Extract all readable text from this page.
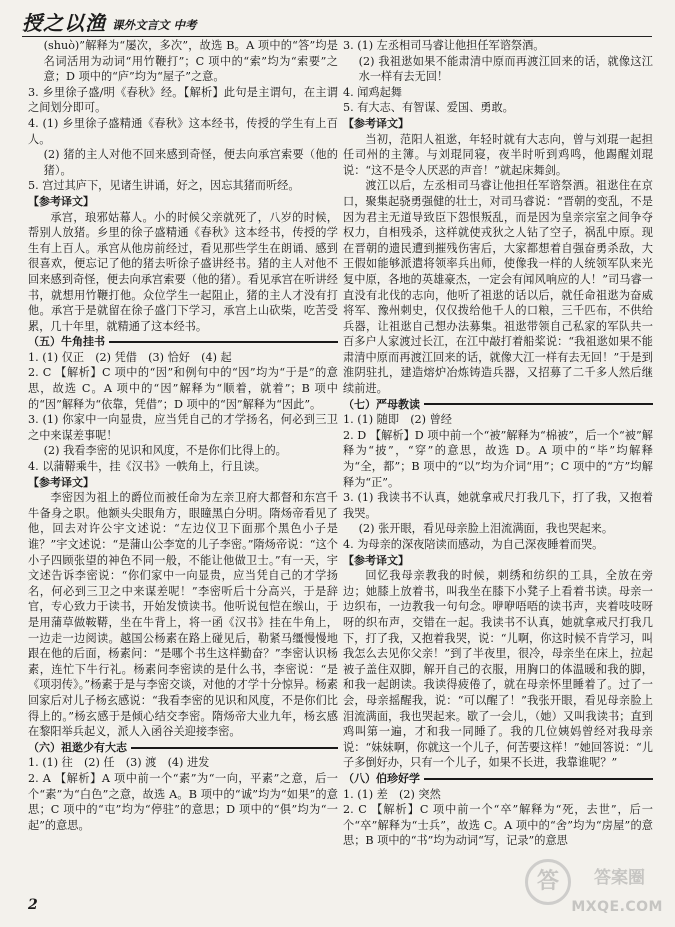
授之以渔 课外文言文 中考

(shuò)”解释为“屡次，多次”，故选 B。A 项中的“答”均是名词活用为动词“用竹鞭打”；C 项中的“索”均为“索要”之意；D 项中的“庐”均为“屋子”之意。

3. 乡里徐子盛/明《春秋》经。【解析】此句是主谓句，在主谓之间划分即可。

4. (1) 乡里徐子盛精通《春秋》这本经书，传授的学生有上百人。

(2) 猪的主人对他不回来感到奇怪，便去向承宫索要（他的猪）。

5. 宫过其庐下，见诸生讲诵，好之，因忘其猪而听经。

【参考译文】

承宫，琅邪姑幕人。小的时候父亲就死了，八岁的时候，帮别人放猪。乡里的徐子盛精通《春秋》这本经书，传授的学生有上百人。承宫从他房前经过，看见那些学生在朗诵、感到很喜欢，便忘记了他的猪去听徐子盛讲经书。猪的主人对他不回来感到奇怪，便去向承宫索要（他的猪）。看见承宫在听讲经书，就想用竹鞭打他。众位学生一起阻止，猪的主人才没有打他。承宫于是就留在徐子盛门下学习，承宫上山砍柴，吃苦受累，几十年里，就精通了这本经书。

（五）牛角挂书

1. (1) 仅正　(2) 凭借　(3) 恰好　(4) 起

2. C 【解析】C 项中的“因”和例句中的“因”均为“于是”的意思，故选 C。A 项中的“因”解释为“顺着，就着”；B 项中的“因”解释为“依靠，凭借”；D 项中的“因”解释为“因此”。

3. (1) 你家中一向显贵，应当凭自己的才学扬名，何必到三卫之中来谋差事呢！

(2) 我看李密的见识和风度，不是你们比得上的。

4. 以蒲鞯乘牛，挂《汉书》一帙角上，行且读。

【参考译文】

李密因为祖上的爵位而被任命为左亲卫府大都督和东宫千牛备身之职。他额头尖眼角方，眼瞳黑白分明。隋炀帝看见了他，回去对许公宇文述说：“左边仪卫下面那个黑色小子是谁？”宇文述说：“是蒲山公李宽的儿子李密。”隋炀帝说：“这个小子四顾张望的神色不同一般，不能让他做卫士。”有一天，宇文述告诉李密说：“你们家中一向显贵，应当凭自己的才学扬名，何必到三卫之中来谋差呢！”李密听后十分高兴，于是辞官，专心致力于读书，开始发愤读书。他听说包恺在缑山，于是用蒲草做鞍鞯，坐在牛背上，将一函《汉书》挂在牛角上，一边走一边阅读。越国公杨素在路上碰见后，勒紧马缰慢慢地跟在他的后面，杨素问：“是哪个书生这样勤奋？”李密认识杨素，连忙下牛行礼。杨素问李密读的是什么书，李密说：“是《项羽传》。”杨素于是与李密交谈，对他的才学十分惊异。杨素回家后对儿子杨玄感说：“我看李密的见识和风度，不是你们比得上的。”杨玄感于是倾心结交李密。隋炀帝大业九年，杨玄感在黎阳举兵起义，派人入函谷关迎接李密。

（六）祖逖少有大志

1. (1) 往　(2) 任　(3) 渡　(4) 进发

2. A 【解析】A 项中前一个“素”为“一向，平素”之意，后一个“素”为“白色”之意，故选 A。B 项中的“诚”均为“如果”的意思；C 项中的“屯”均为“停驻”的意思；D 项中的“俱”均为“一起”的意思。

3. (1) 左丞相司马睿让他担任军谘祭酒。

(2) 我祖逖如果不能肃清中原而再渡江回来的话，就像这江水一样有去无回！

4. 闻鸡起舞

5. 有大志、有智谋、爱国、勇敢。

【参考译文】

当初，范阳人祖逖，年轻时就有大志向，曾与刘琨一起担任司州的主簿。与刘琨同寝，夜半时听到鸡鸣，他踢醒刘琨说：“这不是令人厌恶的声音！”就起床舞剑。

渡江以后，左丞相司马睿让他担任军谘祭酒。祖逖住在京口，聚集起骁勇强健的壮士，对司马睿说：“晋朝的变乱，不是因为君主无道导致臣下怨恨叛乱，而是因为皇亲宗室之间争夺权力，自相残杀，这样就使戎狄之人钻了空子，祸乱中原。现在晋朝的遗民遭到摧残伤害后，大家都想着自强奋勇杀敌，大王假如能够派遣将领率兵出师，使像我一样的人统领军队来光复中原，各地的英雄豪杰，一定会有闻风响应的人！”司马睿一直没有北伐的志向，他听了祖逖的话以后，就任命祖逖为奋威将军、豫州刺史，仅仅拨给他千人的口粮，三千匹布，不供给兵器，让祖逖自己想办法募集。祖逖带领自己私家的军队共一百多户人家渡过长江，在江中敲打着船桨说：“我祖逖如果不能肃清中原而再渡江回来的话，就像大江一样有去无回！”于是到淮阴驻扎，建造熔炉冶炼铸造兵器，又招募了二千多人然后继续前进。

（七）严母教读

1. (1) 随即　(2) 曾经

2. D 【解析】D 项中前一个“被”解释为“棉被”，后一个“被”解释为“披”，“穿”的意思，故选 D。A 项中的“毕”均解释为“全，都”；B 项中的“以”均为介词“用”；C 项中的“方”均解释为“正”。

3. (1) 我读书不认真，她就拿戒尺打我几下，打了我，又抱着我哭。

(2) 张开眼，看见母亲脸上泪流满面，我也哭起来。

4. 为母亲的深夜陪读而感动，为自己深夜睡着而哭。

【参考译文】

回忆我母亲教我的时候，刺绣和纺织的工具，全放在旁边；她膝上放着书，叫我坐在膝下小凳子上看着书读。母亲一边织布，一边教我一句句念。咿咿唔唔的读书声，夹着吱吱呀呀的织布声，交错在一起。我读书不认真，她就拿戒尺打我几下，打了我，又抱着我哭，说：“儿啊，你这时候不肯学习，叫我怎么去见你父亲！”到了半夜里，很冷，母亲坐在床上，拉起被子盖住双脚，解开自己的衣服，用胸口的体温暖和我的脚，和我一起朗读。我读得疲倦了，就在母亲怀里睡着了。过了一会，母亲摇醒我，说：“可以醒了！”我张开眼，看见母亲脸上泪流满面，我也哭起来。歇了一会儿，（她）又叫我读书；直到鸡叫第一遍，才和我一同睡了。我的几位姨妈曾经对我母亲说：“妹妹啊，你就这一个儿子，何苦要这样！”她回答说：“儿子多倒好办，只有一个儿子，如果不长进，我靠谁呢？”

（八）伯珍好学

1. (1) 差　(2) 突然

2. C 【解析】C 项中前一个“卒”解释为“死，去世”，后一个“卒”解释为“士兵”，故选 C。A 项中的“舍”均为“房屋”的意思；B 项中的“书”均为动词“写，记录”的意思

2
答	答案圈
MXQE.COM
